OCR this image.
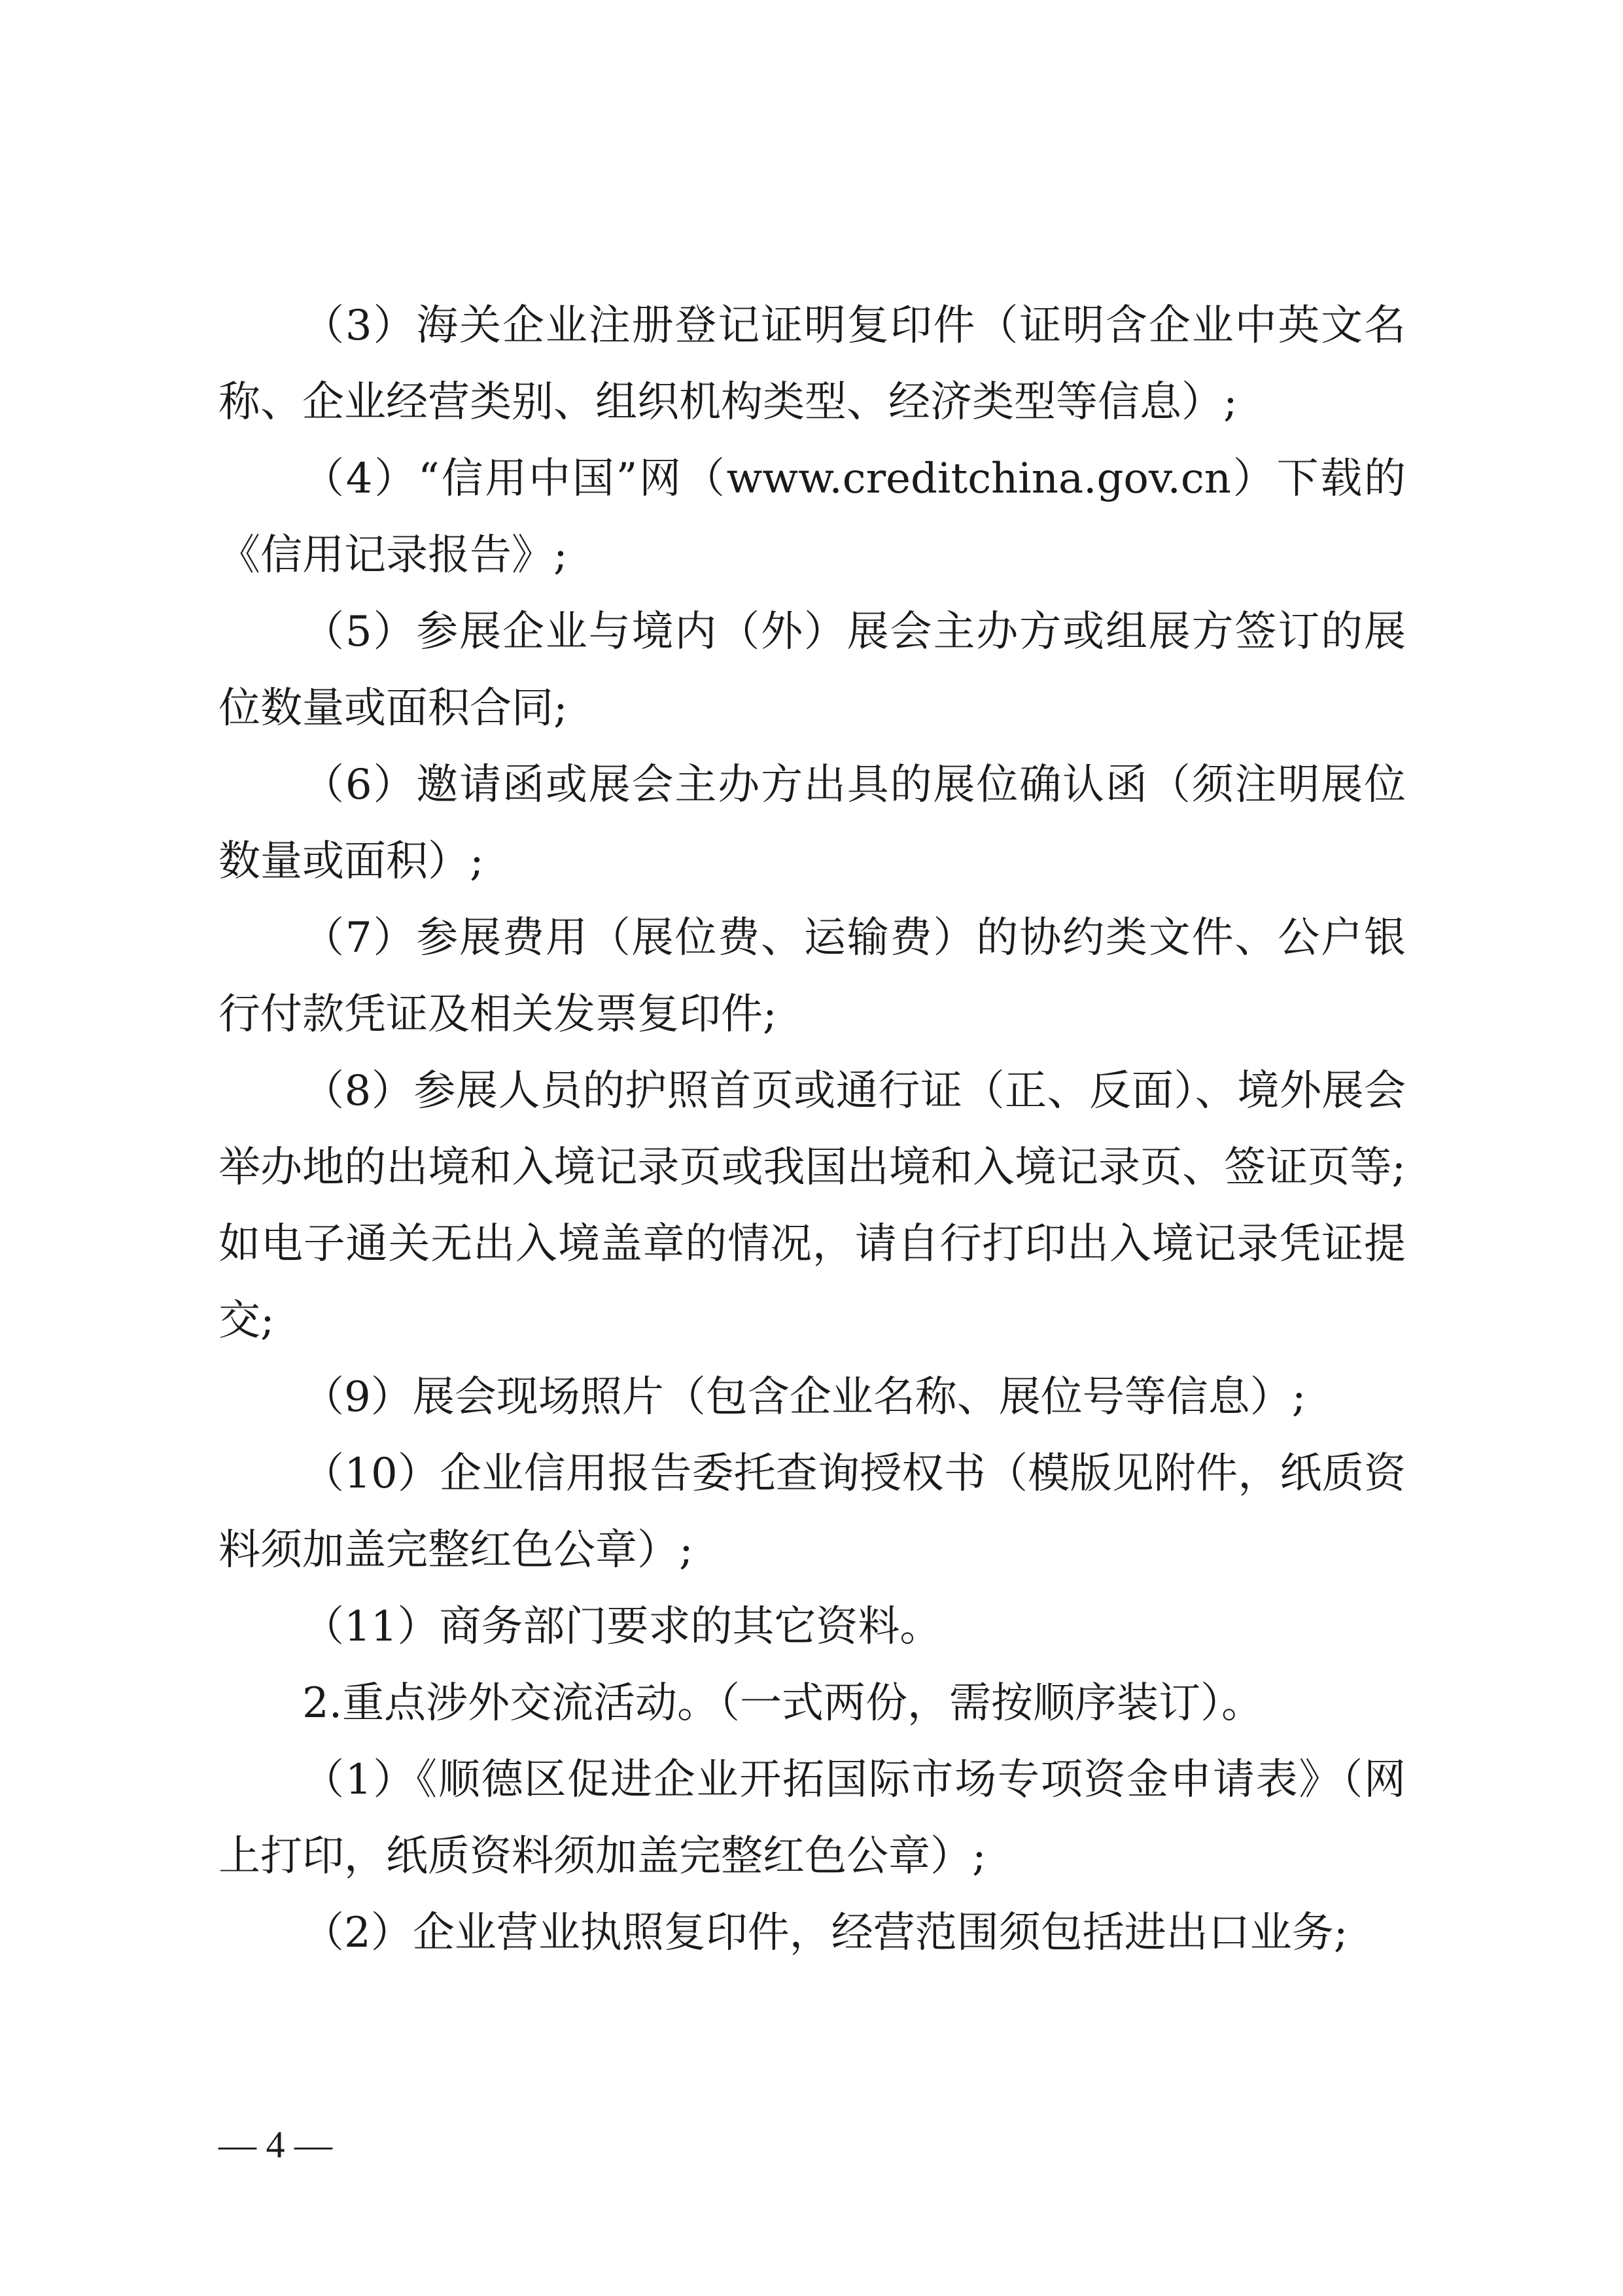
（3）海关企业注册登记证明复印件（证明含企业中英文名称、企业经营类别、组织机构类型、经济类型等信息）;

（4）“信用中国”网（www.creditchina.gov.cn）下载的《信用记录报告》;

（5）参展企业与境内（外）展会主办方或组展方签订的展位数量或面积合同;

（6）邀请函或展会主办方出具的展位确认函（须注明展位数量或面积）;

（7）参展费用（展位费、运输费）的协约类文件、公户银行付款凭证及相关发票复印件;

（8）参展人员的护照首页或通行证（正、反面）、境外展会举办地的出境和入境记录页或我国出境和入境记录页、签证页等;如电子通关无出入境盖章的情况，请自行打印出入境记录凭证提交;

（9）展会现场照片（包含企业名称、展位号等信息）;

（10）企业信用报告委托查询授权书（模版见附件，纸质资料须加盖完整红色公章）;

（11）商务部门要求的其它资料。

2.重点涉外交流活动。（一式两份，需按顺序装订）。

（1）《顺德区促进企业开拓国际市场专项资金申请表》（网上打印，纸质资料须加盖完整红色公章）;

（2）企业营业执照复印件，经营范围须包括进出口业务;

— 4 —
